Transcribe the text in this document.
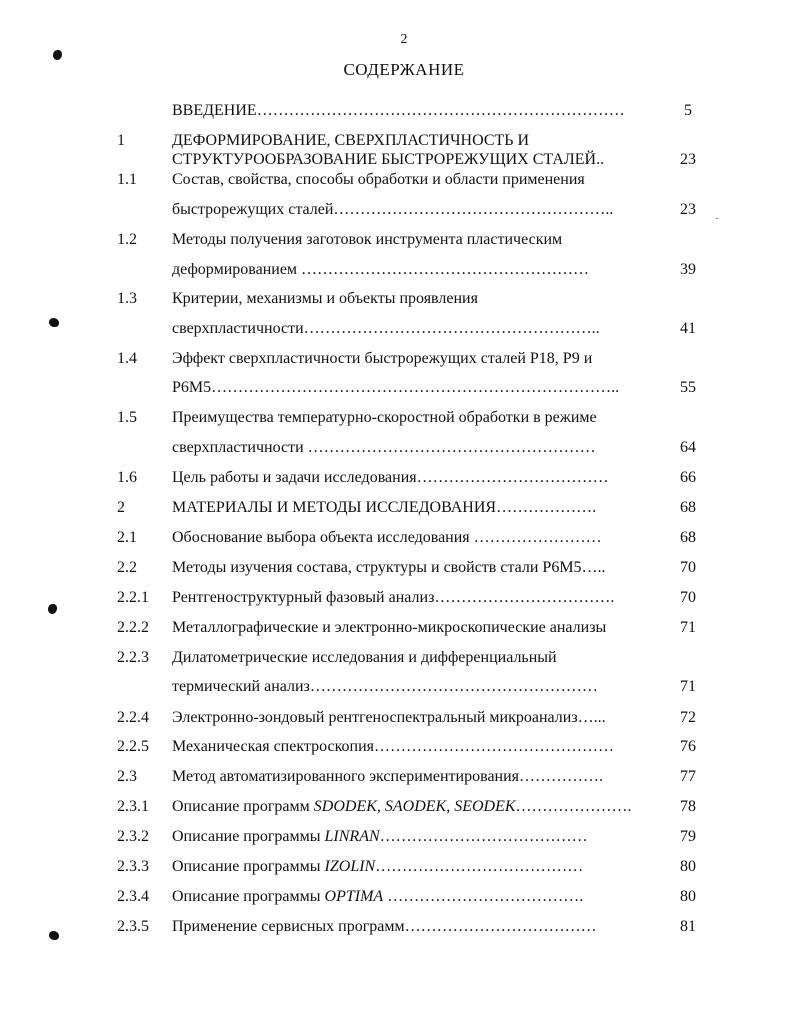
2
СОДЕРЖАНИЕ
ВВЕДЕНИЕ……………………………………………………………	5
1	ДЕФОРМИРОВАНИЕ, СВЕРХПЛАСТИЧНОСТЬ И
СТРУКТУРООБРАЗОВАНИЕ БЫСТРОРЕЖУЩИХ СТАЛЕЙ..	23
1.1 Состав, свойства, способы обработки и области применения
быстрорежущих сталей……………………………………………..	23
1.2 Методы получения заготовок инструмента пластическим
деформированием ………………………………………………	39
1.3 Критерии, механизмы и объекты проявления
сверхпластичности………………………………………………..	41
1.4 Эффект сверхпластичности быстрорежущих сталей Р18, Р9 и
Р6М5…………………………………………………………………..	55
1.5 Преимущества температурно-скоростной обработки в режиме
сверхпластичности ………………………………………………	64
1.6 Цель работы и задачи исследования………………………………	66
2	МАТЕРИАЛЫ И МЕТОДЫ ИССЛЕДОВАНИЯ……………….	68
2.1 Обоснование выбора объекта исследования ……………………	68
2.2 Методы изучения состава, структуры и свойств стали Р6М5…..	70
2.2.1 Рентгеноструктурный фазовый анализ…………………………….	70
2.2.2 Металлографические и электронно-микроскопические анализы	71
2.2.3 Дилатометрические исследования и дифференциальный
термический анализ………………………………………………	71
2.2.4 Электронно-зондовый рентгеноспектральный микроанализ…...	72
2.2.5 Механическая спектроскопия………………………………………	76
2.3 Метод автоматизированного экспериментирования…………….	77
2.3.1 Описание программ SDODEK, SAODEK, SEODEK………………….	78
2.3.2 Описание программы LINRAN…………………………………	79
2.3.3 Описание программы IZOLIN…………………………………	80
2.3.4 Описание программы OPTIMA ……………………………….	80
2.3.5 Применение сервисных программ………………………………	81
